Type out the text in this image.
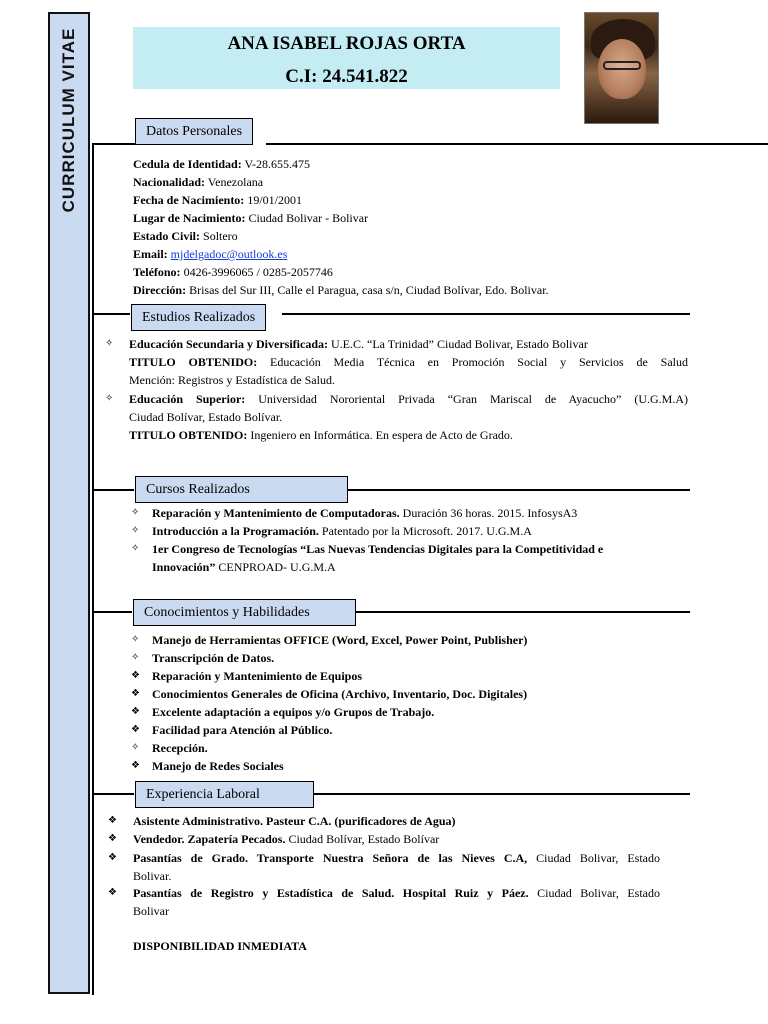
CURRICULUM VITAE	ANA ISABEL ROJAS ORTA
C.I: 24.541.822
Datos Personales
Cedula de Identidad: V-28.655.475
Nacionalidad: Venezolana
Fecha de Nacimiento: 19/01/2001
Lugar de Nacimiento: Ciudad Bolivar - Bolivar
Estado Civil: Soltero
Email: mjdelgadoc@outlook.es
Teléfono: 0426-3996065 / 0285-2057746
Dirección: Brisas del Sur III, Calle el Paragua, casa s/n, Ciudad Bolívar, Edo. Bolivar.
Estudios Realizados
✧ Educación Secundaria y Diversificada: U.E.C. “La Trinidad” Ciudad Bolivar, Estado Bolivar
TITULO OBTENIDO: Educación Media Técnica en Promoción Social y Servicios de Salud
Mención: Registros y Estadística de Salud.
✧ Educación Superior: Universidad Nororiental Privada “Gran Mariscal de Ayacucho” (U.G.M.A)
Ciudad Bolívar, Estado Bolívar.
TITULO OBTENIDO: Ingeniero en Informática. En espera de Acto de Grado.
Cursos Realizados
✧ Reparación y Mantenimiento de Computadoras. Duración 36 horas. 2015. InfosysA3
✧ Introducción a la Programación. Patentado por la Microsoft. 2017. U.G.M.A
✧ 1er Congreso de Tecnologías “Las Nuevas Tendencias Digitales para la Competitividad e
Innovación” CENPROAD- U.G.M.A
Conocimientos y Habilidades
✧ Manejo de Herramientas OFFICE (Word, Excel, Power Point, Publisher)
✧ Transcripción de Datos.
❖ Reparación y Mantenimiento de Equipos
❖ Conocimientos Generales de Oficina (Archivo, Inventario, Doc. Digitales)
❖ Excelente adaptación a equipos y/o Grupos de Trabajo.
❖ Facilidad para Atención al Público.
✧ Recepción.
❖ Manejo de Redes Sociales
Experiencia Laboral
❖ Asistente Administrativo. Pasteur C.A. (purificadores de Agua)
❖ Vendedor. Zapatería Pecados. Ciudad Bolívar, Estado Bolívar
❖ Pasantías de Grado. Transporte Nuestra Señora de las Nieves C.A, Ciudad Bolivar, Estado
Bolivar.
❖ Pasantías de Registro y Estadística de Salud. Hospital Ruiz y Páez. Ciudad Bolivar, Estado
Bolivar
DISPONIBILIDAD INMEDIATA
